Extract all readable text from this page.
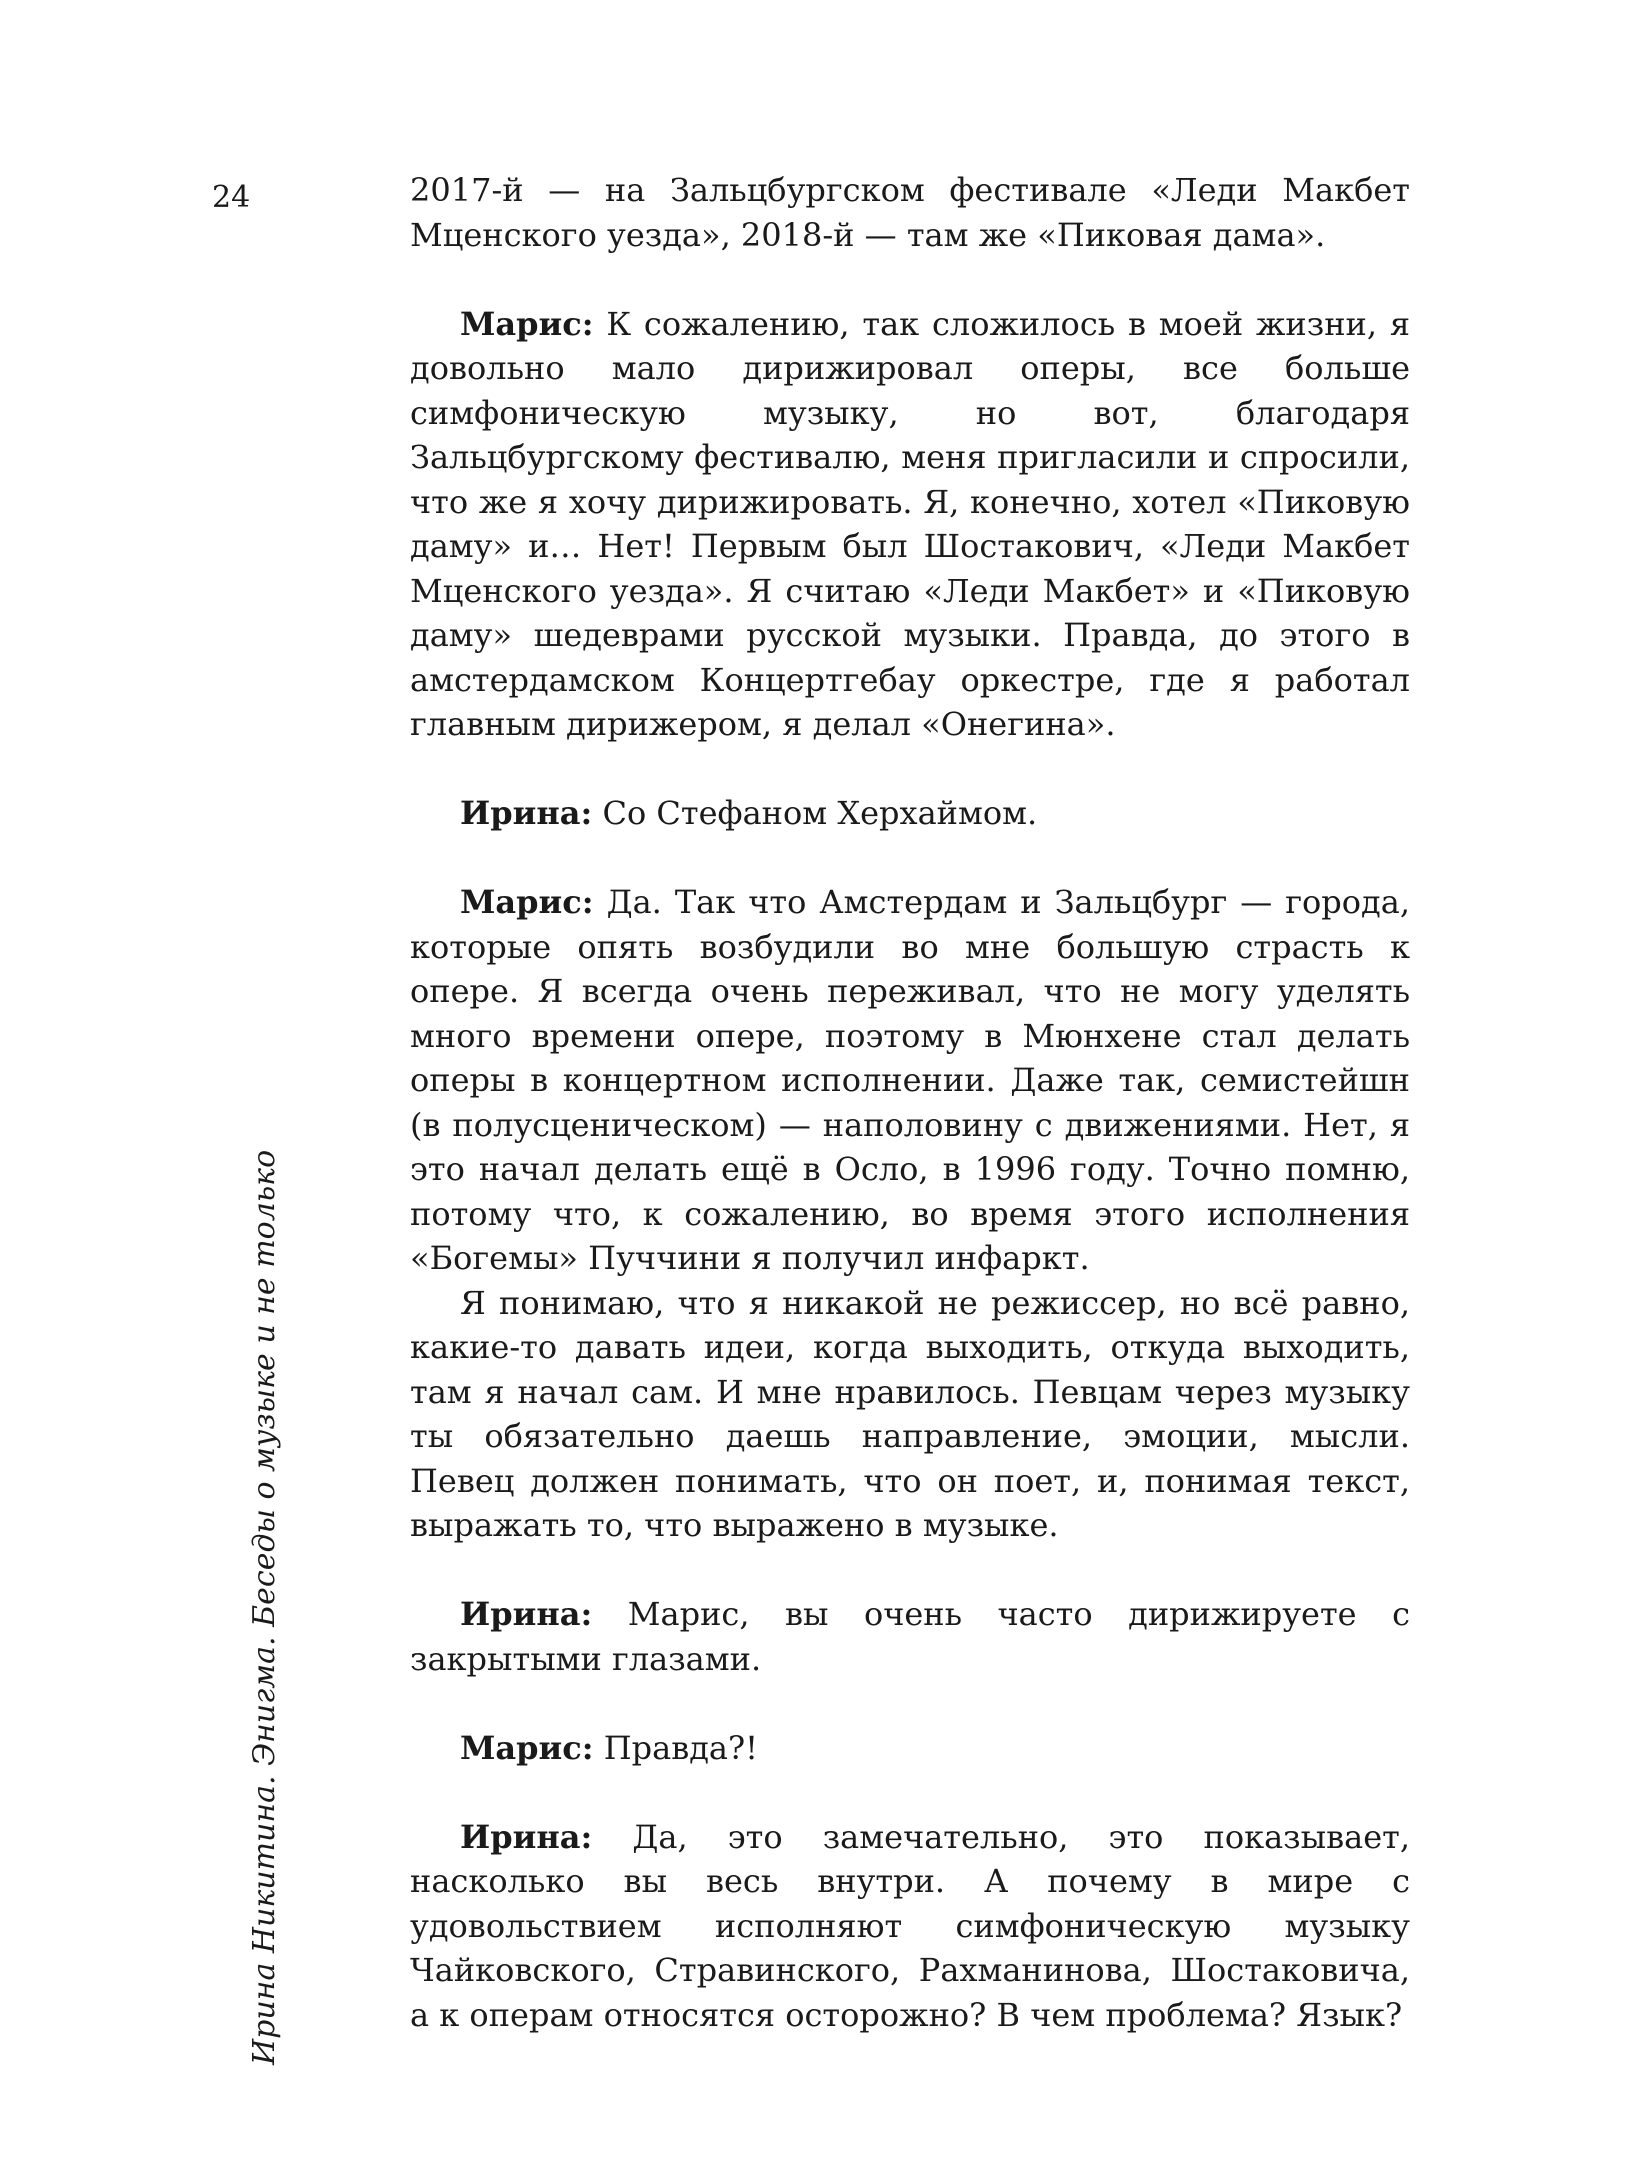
24
Ирина Никитина. Энигма. Беседы о музыке и не только

2017-й — на Зальцбургском фестивале «Леди Макбет Мценского уезда», 2018-й — там же «Пиковая дама».

Марис: К сожалению, так сложилось в моей жизни, я довольно мало дирижировал оперы, все больше симфоническую музыку, но вот, благодаря Зальцбургскому фестивалю, меня пригласили и спросили, что же я хочу дирижировать. Я, конечно, хотел «Пиковую даму» и… Нет! Первым был Шостакович, «Леди Макбет Мценского уезда». Я считаю «Леди Макбет» и «Пиковую даму» шедеврами русской музыки. Правда, до этого в амстердамском Концертгебау оркестре, где я работал главным дирижером, я делал «Онегина».

Ирина: Со Стефаном Херхаймом.

Марис: Да. Так что Амстердам и Зальцбург — города, которые опять возбудили во мне большую страсть к опере. Я всегда очень переживал, что не могу уделять много времени опере, поэтому в Мюнхене стал делать оперы в концертном исполнении. Даже так, семистейшн (в полусценическом) — наполовину с движениями. Нет, я это начал делать ещё в Осло, в 1996 году. Точно помню, потому что, к сожалению, во время этого исполнения «Богемы» Пуччини я получил инфаркт.

Я понимаю, что я никакой не режиссер, но всё равно, какие-то давать идеи, когда выходить, откуда выходить, там я начал сам. И мне нравилось. Певцам через музыку ты обязательно даешь направление, эмоции, мысли. Певец должен понимать, что он поет, и, понимая текст, выражать то, что выражено в музыке.

Ирина: Марис, вы очень часто дирижируете с закрытыми глазами.

Марис: Правда?!

Ирина: Да, это замечательно, это показывает, насколько вы весь внутри. А почему в мире с удовольствием исполняют симфоническую музыку Чайковского, Стравинского, Рахманинова, Шостаковича, а к операм относятся осторожно? В чем проблема? Язык?
